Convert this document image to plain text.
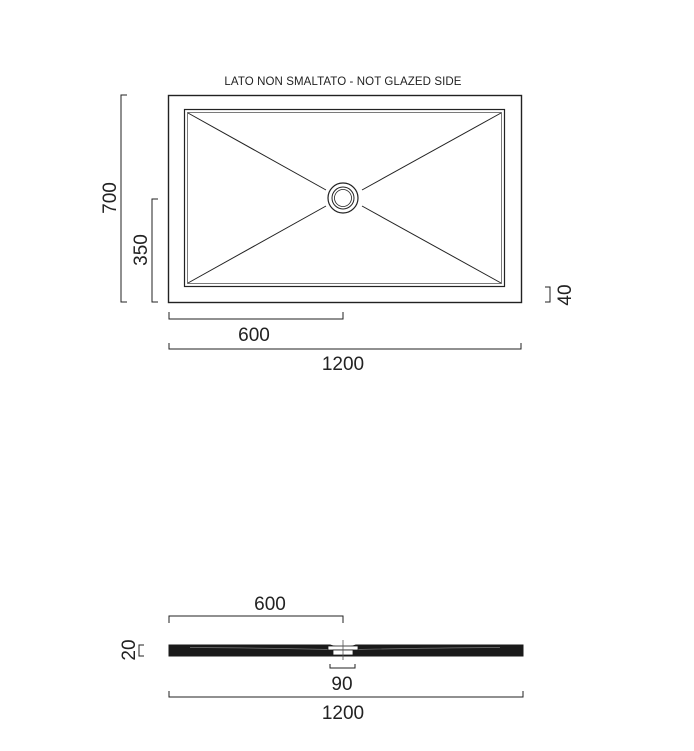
LATO NON SMALTATO - NOT GLAZED SIDE
700
350
40
600
1200
600
20
90
1200
